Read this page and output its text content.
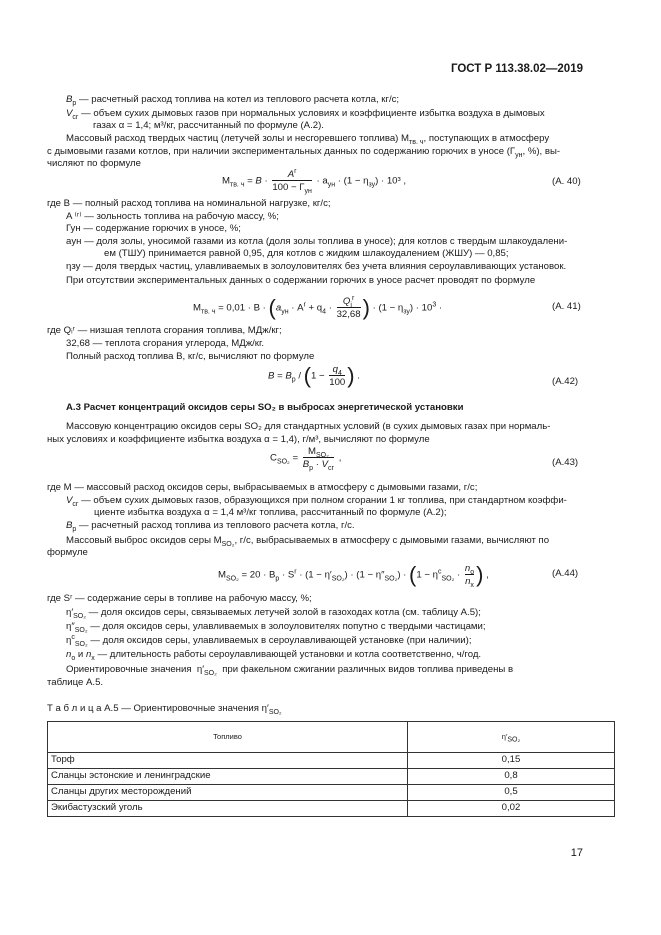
ГОСТ Р 113.38.02—2019
$B_р$ — расчетный расход топлива на котел из теплового расчета котла, кг/с;
$V_{сг}$ — объем сухих дымовых газов при нормальных условиях и коэффициенте избытка воздуха в дымовых
газах α = 1,4; м³/кг, рассчитанный по формуле (А.2).
Массовый расход твердых частиц (летучей золы и несгоревшего топлива) $M_{тв. ч}$, поступающих в атмосферу
с дымовыми газами котлов, при наличии экспериментальных данных по содержанию горючих в уносе ($Г_{ун}$, %), вы-
числяют по формуле
$M_{тв. ч} = B$ ·
$A^r$
$100 - Г_{ун}$
· $a_{ун} \cdot (1 - \eta_{зу}) \cdot 10^3$ ,	(А. 40)
где B — полный расход топлива на номинальной нагрузке, кг/с;
A ⁽ʳ⁾ — зольность топлива на рабочую массу, %;
Гун — содержание горючих в уносе, %;
aун — доля золы, уносимой газами из котла (доля золы топлива в уносе); для котлов с твердым шлакоудалени-
ем (ТШУ) принимается равной 0,95, для котлов с жидким шлакоудалением (ЖШУ) — 0,85;
ηзу — доля твердых частиц, улавливаемых в золоуловителях без учета влияния сероулавливающих установок.
При отсутствии экспериментальных данных о содержании горючих в уносе расчет проводят по формуле
$M_{тв. ч} = 0,01 \cdot B \cdot (a_{ун} \cdot A^r + q_4$ ·
$Q_i^r$
32,68 ) · $(1 - \eta_{зу}) \cdot 10^3$ ·	(А. 41)
где Qᵢʳ — низшая теплота сгорания топлива, МДж/кг;
32,68 — теплота сгорания углерода, МДж/кг.
Полный расход топлива B, кг/с, вычисляют по формуле
$B = B_р / (1 - \frac{q_4}{100}$ ) .	(А.42)
А.3 Расчет концентраций оксидов серы SO₂ в выбросах энергетической установки
Массовую концентрацию оксидов серы SO₂ для стандартных условий (в сухих дымовых газах при нормаль-
ных условиях и коэффициенте избытка воздуха α = 1,4), г/м³, вычисляют по формуле
$C_{SO_2}$ =
$M_{SO_2}$
$B_р \cdot V_{сг}$
,	(А.43)
где M — массовый расход оксидов серы, выбрасываемых в атмосферу с дымовыми газами, г/с;
$V_{сг}$ — объем сухих дымовых газов, образующихся при полном сгорании 1 кг топлива, при стандартном коэффи-
циенте избытка воздуха α = 1,4 м³/кг топлива, рассчитанный по формуле (А.2);
$B_р$ — расчетный расход топлива из теплового расчета котла, г/с.
Массовый выброс оксидов серы $M_{SO_2}$, г/с, выбрасываемых в атмосферу с дымовыми газами, вычисляют по
формуле
$M_{SO_2} = 20 \cdot B_р \cdot S^r \cdot (1 - \eta'_{SO_2}) \cdot (1 - \eta''_{SO_2}) \cdot (1 - \eta^с_{SO_2}$ ·
$n_о$
$n_x$ ) ,	(А.44)
где Sʳ — содержание серы в топливе на рабочую массу, %;
$\eta'_{SO_2}$ — доля оксидов серы, связываемых летучей золой в газоходах котла (см. таблицу А.5);
$\eta''_{SO_2}$ — доля оксидов серы, улавливаемых в золоуловителях попутно с твердыми частицами;
$\eta^с_{SO_2}$ — доля оксидов серы, улавливаемых в сероулавливающей установке (при наличии);
$n_о$ и $n_x$ — длительность работы сероулавливающей установки и котла соответственно, ч/год.
Ориентировочные значения  $\eta'_{SO_2}$ при факельном сжигании различных видов топлива приведены в
таблице А.5.
Т а б л и ц а А.5 — Ориентировочные значения $\eta'_{SO_2}$
Топливо	$\eta'_{SO_2}$
Торф	0,15
Сланцы эстонские и ленинградские	0,8
Сланцы других месторождений	0,5
Экибастузский уголь	0,02
17
